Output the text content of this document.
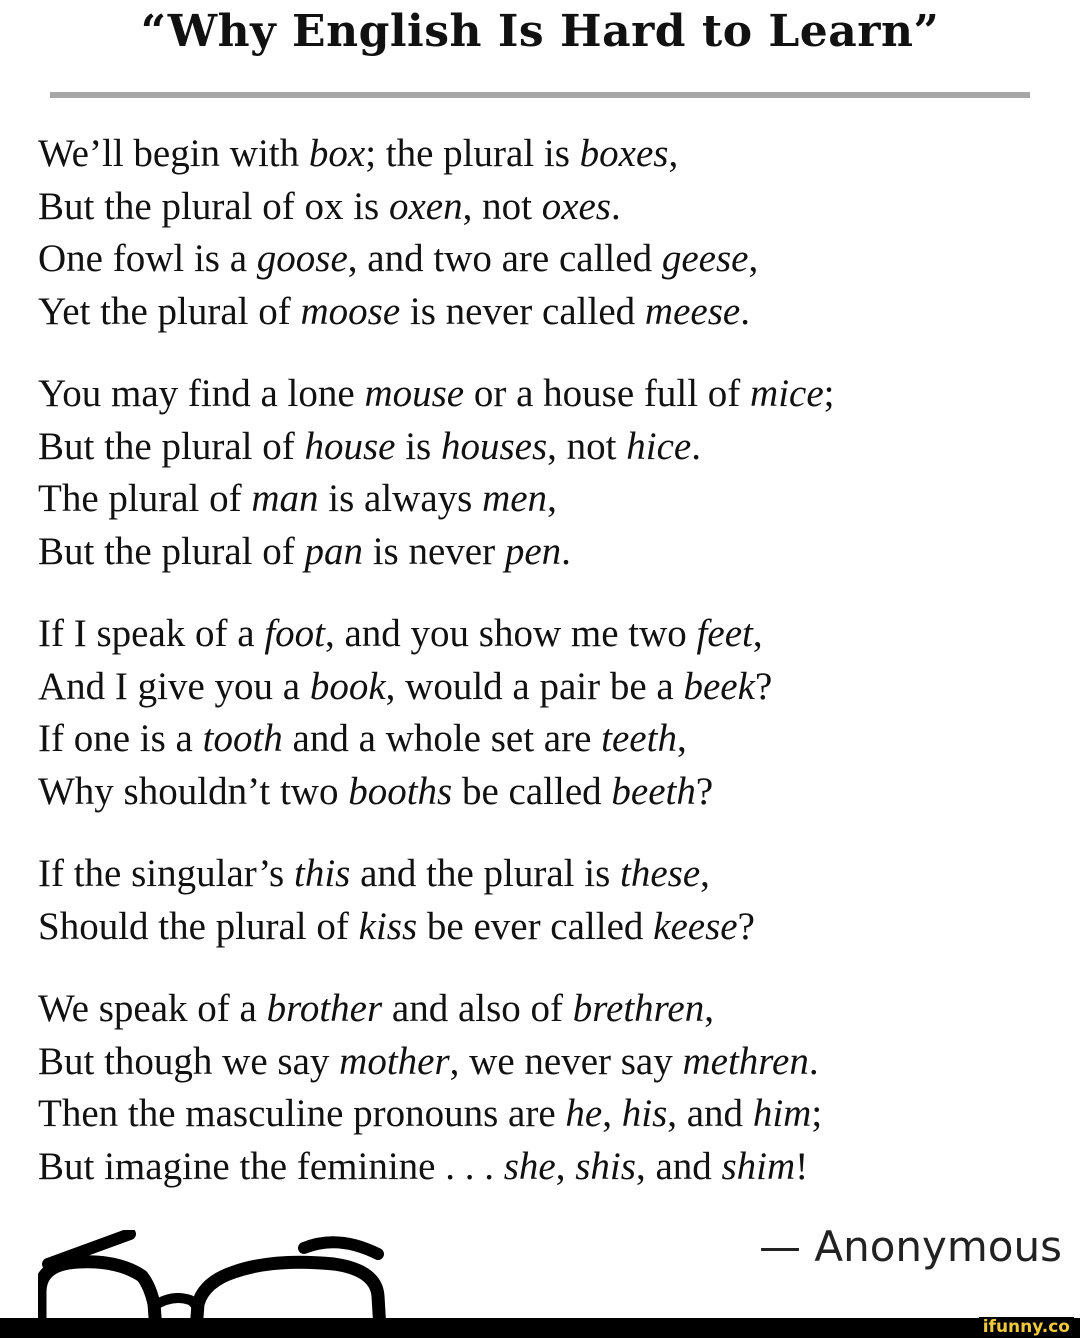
“Why English Is Hard to Learn”
We’ll begin with box; the plural is boxes,
But the plural of ox is oxen, not oxes.
One fowl is a goose, and two are called geese,
Yet the plural of moose is never called meese.
You may find a lone mouse or a house full of mice;
But the plural of house is houses, not hice.
The plural of man is always men,
But the plural of pan is never pen.
If I speak of a foot, and you show me two feet,
And I give you a book, would a pair be a beek?
If one is a tooth and a whole set are teeth,
Why shouldn’t two booths be called beeth?
If the singular’s this and the plural is these,
Should the plural of kiss be ever called keese?
We speak of a brother and also of brethren,
But though we say mother, we never say methren.
Then the masculine pronouns are he, his, and him;
But imagine the feminine . . . she, shis, and shim!
— Anonymous
ifunny.co
